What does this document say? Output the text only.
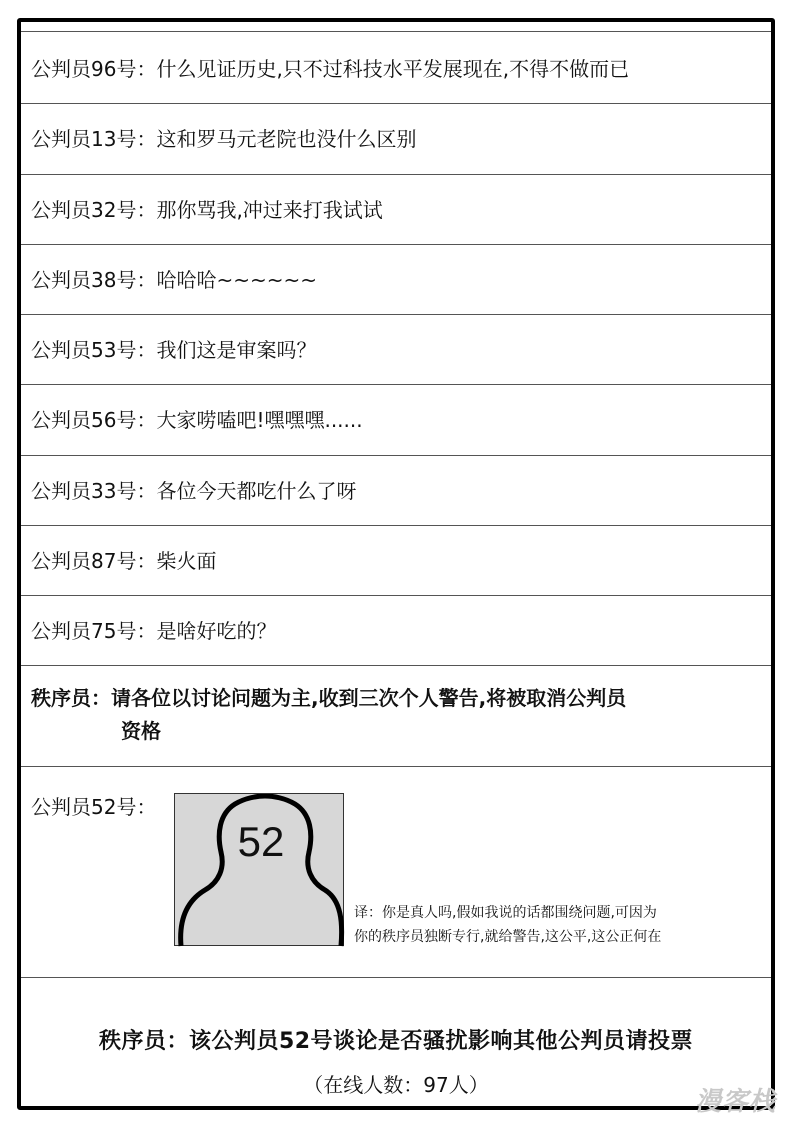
公判员96号：什么见证历史,只不过科技水平发展现在,不得不做而已
公判员13号：这和罗马元老院也没什么区别
公判员32号：那你骂我,冲过来打我试试
公判员38号：哈哈哈~~~~~~
公判员53号：我们这是审案吗？
公判员56号：大家唠嗑吧!嘿嘿嘿......
公判员33号：各位今天都吃什么了呀
公判员87号：柴火面
公判员75号：是啥好吃的？
秩序员：请各位以讨论问题为主,收到三次个人警告,将被取消公判员
资格
公判员52号：
52
译：你是真人吗,假如我说的话都围绕问题,可因为
你的秩序员独断专行,就给警告,这公平,这公正何在
秩序员：该公判员52号谈论是否骚扰影响其他公判员请投票
（在线人数：97人）
漫客栈
